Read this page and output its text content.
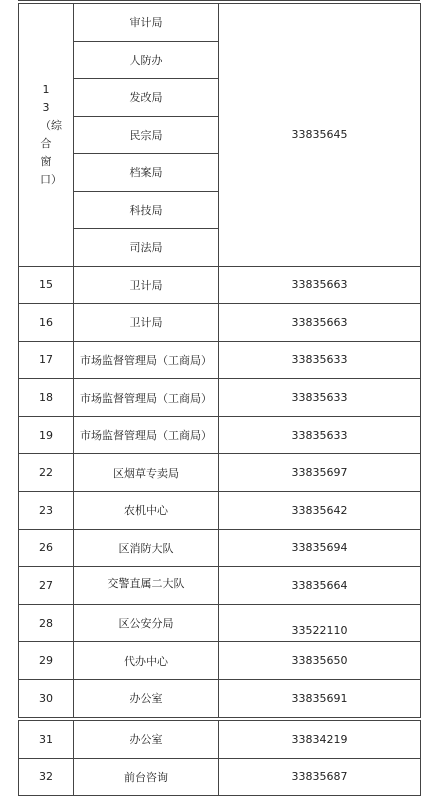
13（综合窗口）	审计局	33835645
	人防办	
	发改局	
	民宗局	
	档案局	
	科技局	
	司法局	
15	卫计局	33835663
16	卫计局	33835663
17	市场监督管理局（工商局）	33835633
18	市场监督管理局（工商局）	33835633
19	市场监督管理局（工商局）	33835633
22	区烟草专卖局	33835697
23	农机中心	33835642
26	区消防大队	33835694
27	交警直属二大队	33835664
28	区公安分局	33522110
29	代办中心	33835650
30	办公室	33835691
31	办公室	33834219
32	前台咨询	33835687
